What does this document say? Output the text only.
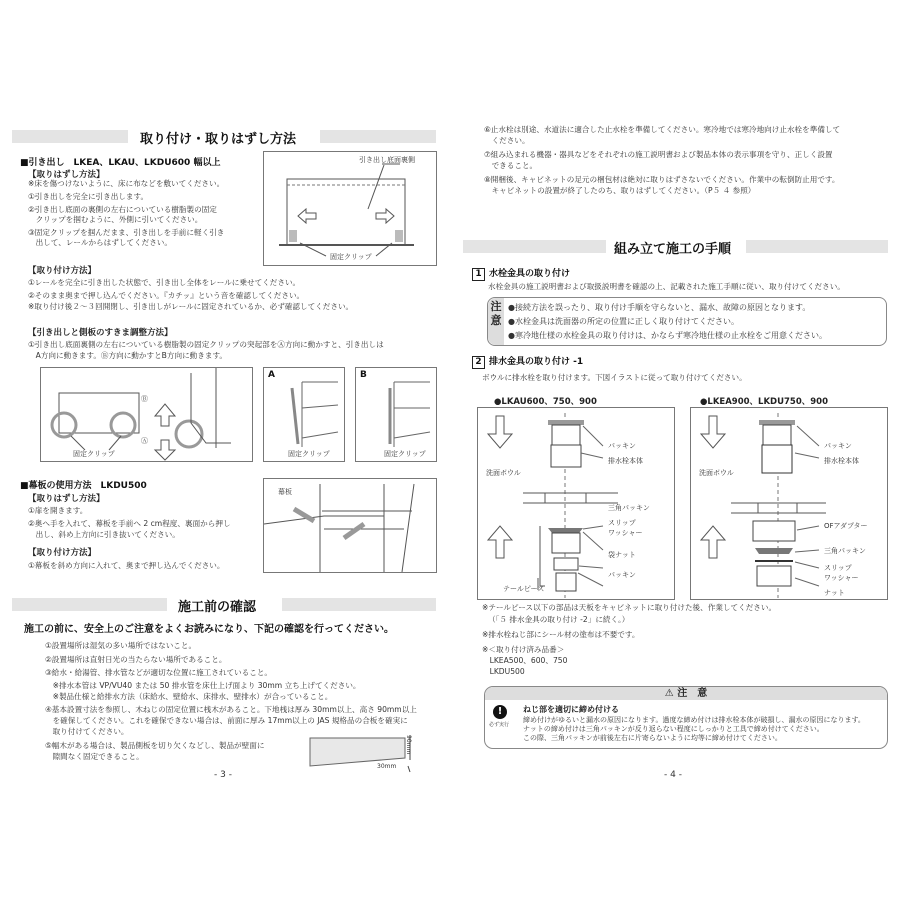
取り付け・取りはずし方法
■引き出し　LKEA、LKAU、LKDU600 幅以上
【取りはずし方法】
※床を傷つけないように、床に布などを敷いてください。
①引き出しを完全に引き出します。
②引き出し底面の裏側の左右についている樹脂製の固定
　クリップを掴むように、外側に引いてください。
③固定クリップを掴んだまま、引き出しを手前に軽く引き
　出して、レールからはずしてください。
引き出し底面裏側
固定クリップ
【取り付け方法】
①レールを完全に引き出した状態で、引き出し全体をレールに乗せてください。
②そのまま奥まで押し込んでください。『カチッ』という音を確認してください。
※取り付け後２～３回開閉し、引き出しがレールに固定されているか、必ず確認してください。
【引き出しと側板のすきま調整方法】
①引き出し底面裏側の左右についている樹脂製の固定クリップの突起部をⒶ方向に動かすと、引き出しは
　A方向に動きます。Ⓑ方向に動かすとB方向に動きます。
Ⓑ
Ⓐ
固定クリップ
A
固定クリップ
B
固定クリップ
■幕板の使用方法　LKDU500
【取りはずし方法】
①扉を開きます。
②奥へ手を入れて、幕板を手前へ 2 cm程度、裏面から押し
　出し、斜め上方向に引き抜いてください。
【取り付け方法】
①幕板を斜め方向に入れて、奥まで押し込んでください。
幕板
施工前の確認
施工の前に、安全上のご注意をよくお読みになり、下記の確認を行ってください。
①設置場所は湿気の多い場所ではないこと。
②設置場所は直射日光の当たらない場所であること。
③給水・給湯管、排水管などが適切な位置に施工されていること。
　※排水本管は VP/VU40 または 50 排水管を床仕上げ面より 30mm 立ち上げてください。
　※製品仕様と給排水方法（床給水、壁給水、床排水、壁排水）が合っていること。
④基本設置寸法を参照し、木ねじの固定位置に桟木があること。下地桟は厚み 30mm以上、高さ 90mm以上
　を確保してください。これを確保できない場合は、前面に厚み 17mm以上の JAS 規格品の合板を確実に
　取り付けてください。
⑤幅木がある場合は、製品側板を切り欠くなどし、製品が壁面に
　隙間なく固定できること。
90mm
30mm
- 3 -
⑥止水栓は別途、水道法に適合した止水栓を準備してください。寒冷地では寒冷地向け止水栓を準備して
　ください。
⑦組み込まれる機器・器具などをそれぞれの施工説明書および製品本体の表示事項を守り、正しく設置
　できること。
⑧開梱後、キャビネットの足元の梱包材は絶対に取りはずさないでください。作業中の転倒防止用です。
　キャビネットの設置が終了したのち、取りはずしてください。（P５ ４ 参照）
組み立て施工の手順
1 水栓金具の取り付け
水栓金具の施工説明書および取扱説明書を確認の上、記載された施工手順に従い、取り付けてください。
注意
●接続方法を誤ったり、取り付け手順を守らないと、漏水、故障の原因となります。
●水栓金具は洗面器の所定の位置に正しく取り付けてください。
●寒冷地仕様の水栓金具の取り付けは、かならず寒冷地仕様の止水栓をご用意ください。
2 排水金具の取り付け -1
ボウルに排水栓を取り付けます。下図イラストに従って取り付けてください。
●LKAU600、750、900
パッキン
排水栓本体
洗面ボウル
三角パッキン
スリップ
ワッシャー
袋ナット
パッキン
テールピース
●LKEA900、LKDU750、900
パッキン
排水栓本体
洗面ボウル
OFアダプター
三角パッキン
スリップ
ワッシャー
ナット
※テールピース以下の部品は天板をキャビネットに取り付けた後、作業してください。
（「５ 排水金具の取り付け -2」に続く。）
※排水栓ねじ部にシール材の塗布は不要です。
※＜取り付け済み品番＞
　LKEA500、600、750
　LKDU500
⚠ 注　意
!
必ず実行
ねじ部を適切に締め付ける
締め付けがゆるいと漏水の原因になります。過度な締め付けは排水栓本体が破損し、漏水の原因になります。
ナットの締め付けは三角パッキンが反り返らない程度にしっかりと工具で締め付けてください。
この際、三角パッキンが前後左右に片寄らないように均等に締め付けてください。
- 4 -
